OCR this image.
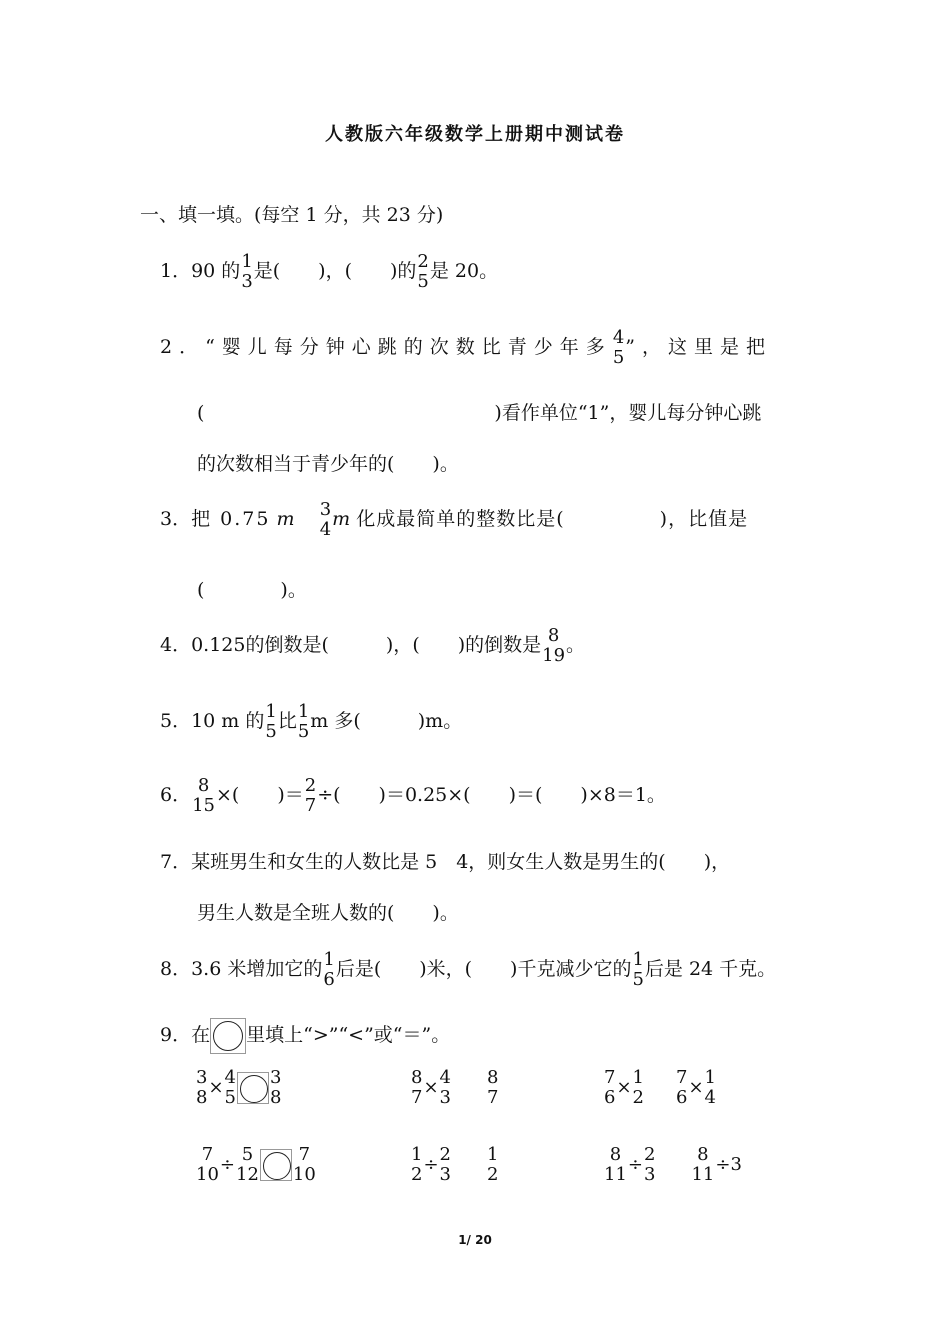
人教版六年级数学上册期中测试卷
一、填一填。(每空 1 分，共 23 分)
1．90 的 1
3 是(　　)，(　　)的 2
5 是 20。
2．“婴儿每分钟心跳的次数比青少年多 4
5 ”，这里是把
(	)看作单位“1”，婴儿每分钟心跳
的次数相当于青少年的(　　)。
3．把 0.75 m 3
4 m 化成最简单的整数比是(	)，比值是
(　　　　)。
4．0.125的倒数是(　　　)，(　　)的倒数是 8
19 。
5．10 m 的 1
5 比 1
5 m 多(　　　)m。
6． 8
15 ×(　　)＝ 2
7 ÷(　　)＝0.25×(　　)＝(　　)×8＝1。
7．某班男生和女生的人数比是 5　4，则女生人数是男生的(　　)，
男生人数是全班人数的(　　)。
8．3.6 米增加它的 1
6 后是(　　)米，(　　)千克减少它的 1
5 后是 24 千克。
9．在 里填上“>”“<”或“＝”。
3
8 × 4
5
3
8
8
7 × 4
3
8
7
7
6 × 1
2
7
6 × 1
4
7
10 ÷ 5
12
7
10
1
2 ÷ 2
3
1
2
8
11 ÷ 2
3
8
11 ÷3
1/ 20
